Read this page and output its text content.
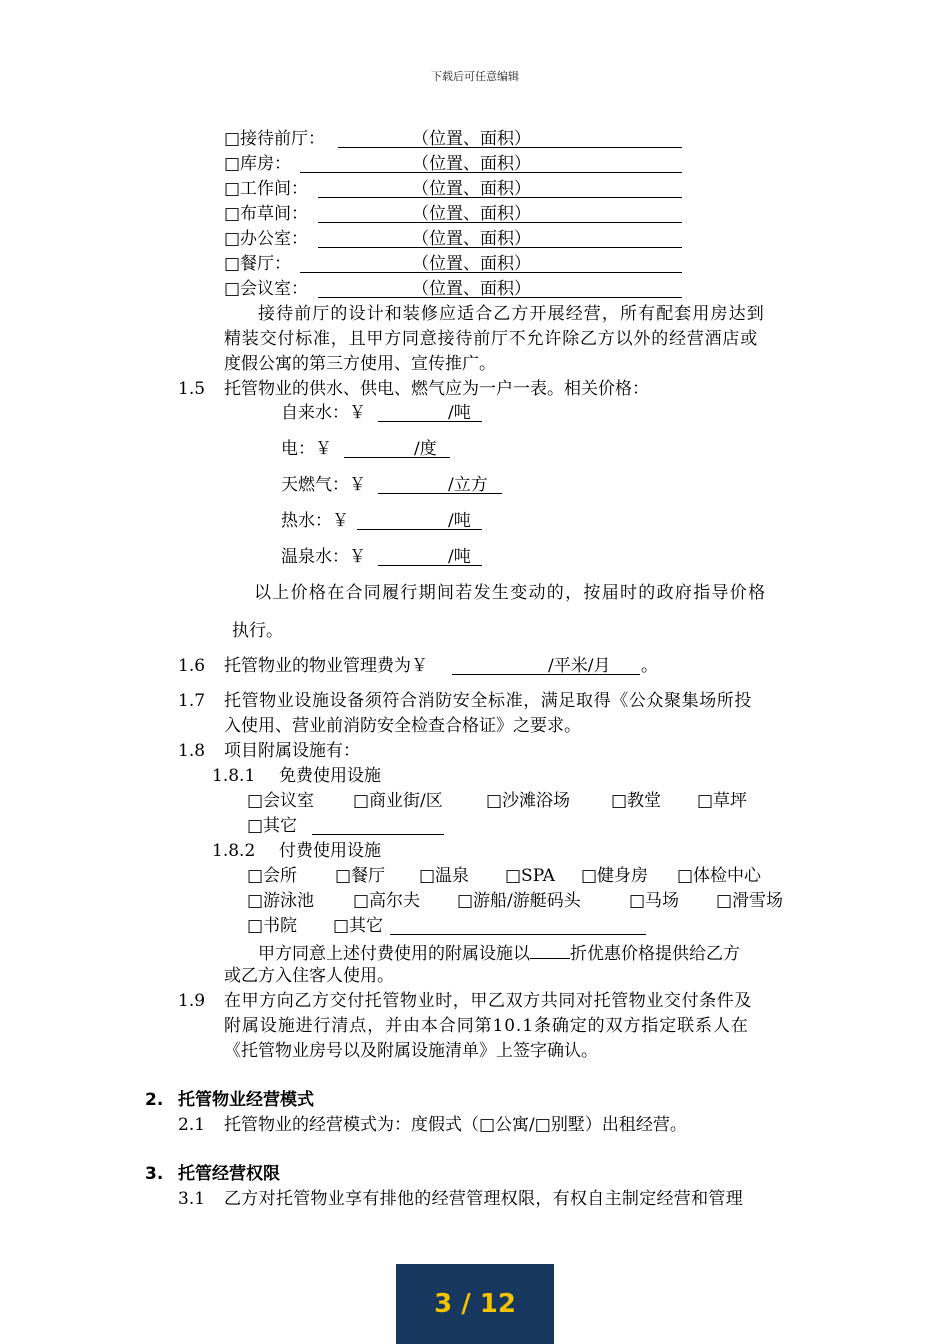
下载后可任意编辑
□接待前厅：	（位置、面积）
□库房：	（位置、面积）
□工作间：	（位置、面积）
□布草间：	（位置、面积）
□办公室：	（位置、面积）
□餐厅：	（位置、面积）
□会议室：	（位置、面积）
接待前厅的设计和装修应适合乙方开展经营，所有配套用房达到
精装交付标准，且甲方同意接待前厅不允许除乙方以外的经营酒店或
度假公寓的第三方使用、宣传推广。
1.5 托管物业的供水、供电、燃气应为一户一表。相关价格：
自来水：￥	/吨
电：￥	/度
天燃气：￥	/立方
热水：￥	/吨
温泉水：￥	/吨
以上价格在合同履行期间若发生变动的，按届时的政府指导价格
执行。
1.6 托管物业的物业管理费为￥	/平米/月 。
1.7 托管物业设施设备须符合消防安全标准，满足取得《公众聚集场所投
入使用、营业前消防安全检查合格证》之要求。
1.8 项目附属设施有：
1.8.1 免费使用设施
□会议室 □商业街/区	□沙滩浴场 □教堂 □草坪
□其它
1.8.2 付费使用设施
□会所 □餐厅 □温泉 □SPA □健身房 □体检中心
□游泳池 □高尔夫 □游船/游艇码头	□马场 □滑雪场
□书院 □其它
甲方同意上述付费使用的附属设施以 折优惠价格提供给乙方
或乙方入住客人使用。
1.9 在甲方向乙方交付托管物业时，甲乙双方共同对托管物业交付条件及
附属设施进行清点，并由本合同第10.1条确定的双方指定联系人在
《托管物业房号以及附属设施清单》上签字确认。
2. 托管物业经营模式
2.1 托管物业的经营模式为：度假式（□公寓/□别墅）出租经营。
3. 托管经营权限
3.1 乙方对托管物业享有排他的经营管理权限，有权自主制定经营和管理
3 / 12
